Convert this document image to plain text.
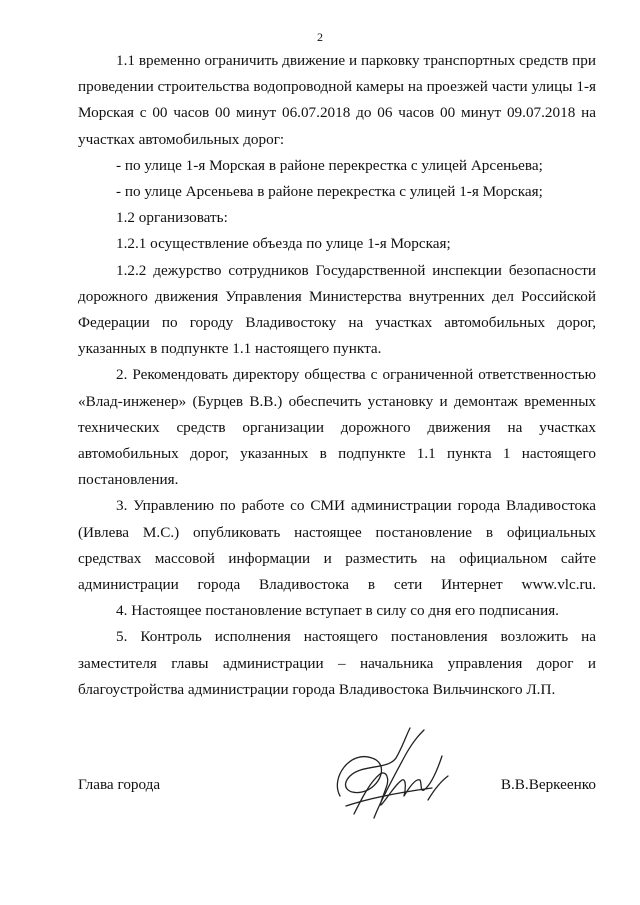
2

1.1 временно ограничить движение и парковку транспортных средств при проведении строительства водопроводной камеры на проезжей части улицы 1-я Морская с 00 часов 00 минут 06.07.2018 до 06 часов 00 минут 09.07.2018 на участках автомобильных дорог:

- по улице 1-я Морская в районе перекрестка с улицей Арсеньева;

- по улице Арсеньева в районе перекрестка с улицей 1-я Морская;

1.2 организовать:

1.2.1 осуществление объезда по улице 1-я Морская;

1.2.2 дежурство сотрудников Государственной инспекции безопасности дорожного движения Управления Министерства внутренних дел Российской Федерации по городу Владивостоку на участках автомобильных дорог, указанных в подпункте 1.1 настоящего пункта.

2. Рекомендовать директору общества с ограниченной ответственностью «Влад-инженер» (Бурцев В.В.) обеспечить установку и демонтаж временных технических средств организации дорожного движения на участках автомобильных дорог, указанных в подпункте 1.1 пункта 1 настоящего постановления.

3. Управлению по работе со СМИ администрации города Владивостока (Ивлева М.С.) опубликовать настоящее постановление в официальных средствах массовой информации и разместить на официальном сайте администрации города Владивостока в сети Интернет www.vlc.ru.

4. Настоящее постановление вступает в силу со дня его подписания.

5. Контроль исполнения настоящего постановления возложить на заместителя главы администрации – начальника управления дорог и благоустройства администрации города Владивостока Вильчинского Л.П.

Глава города	В.В.Веркеенко
